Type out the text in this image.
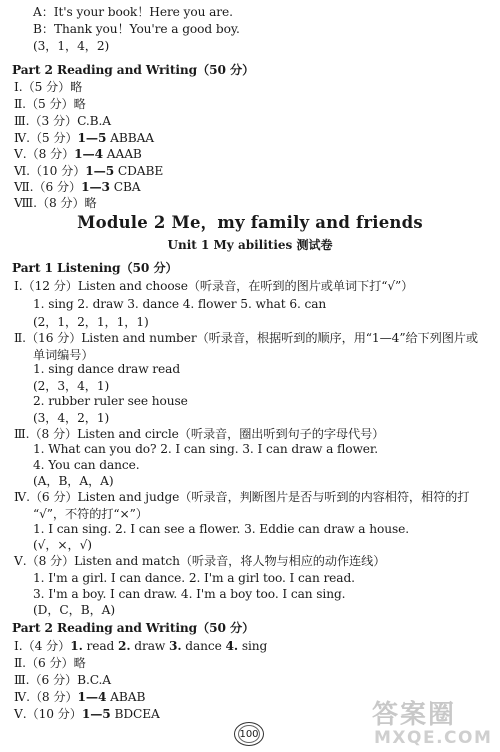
A：It's your book！Here you are.
B：Thank you！You're a good boy.
(3，1，4，2)
Part 2 Reading and Writing（50 分）
Ⅰ.（5 分）略
Ⅱ.（5 分）略
Ⅲ.（3 分）C.B.A
Ⅳ.（5 分）1—5 ABBAA
Ⅴ.（8 分）1—4 AAAB
Ⅵ.（10 分）1—5 CDABE
Ⅶ.（6 分）1—3 CBA
Ⅷ.（8 分）略
Module 2 Me，my family and friends
Unit 1 My abilities 测试卷
Part 1 Listening（50 分）
Ⅰ.（12 分）Listen and choose（听录音，在听到的图片或单词下打“√”）
1. sing 2. draw 3. dance 4. flower 5. what 6. can
(2，1，2，1，1，1)
Ⅱ.（16 分）Listen and number（听录音，根据听到的顺序，用“1—4”给下列图片或
单词编号）
1. sing dance draw read
(2，3，4，1)
2. rubber ruler see house
(3，4，2，1)
Ⅲ.（8 分）Listen and circle（听录音，圈出听到句子的字母代号）
1. What can you do? 2. I can sing. 3. I can draw a flower.
4. You can dance.
(A，B，A，A)
Ⅳ.（6 分）Listen and judge（听录音，判断图片是否与听到的内容相符，相符的打
“√”，不符的打“×”）
1. I can sing. 2. I can see a flower. 3. Eddie can draw a house.
(√，×，√)
Ⅴ.（8 分）Listen and match（听录音，将人物与相应的动作连线）
1. I'm a girl. I can dance. 2. I'm a girl too. I can read.
3. I'm a boy. I can draw. 4. I'm a boy too. I can sing.
(D，C，B，A)
Part 2 Reading and Writing（50 分）
Ⅰ.（4 分）1. read 2. draw 3. dance 4. sing
100
答案圈
MXQE.COM
Ⅱ.（6 分）略
Ⅲ.（6 分）B.C.A
Ⅳ.（8 分）1—4 ABAB
Ⅴ.（10 分）1—5 BDCEA
